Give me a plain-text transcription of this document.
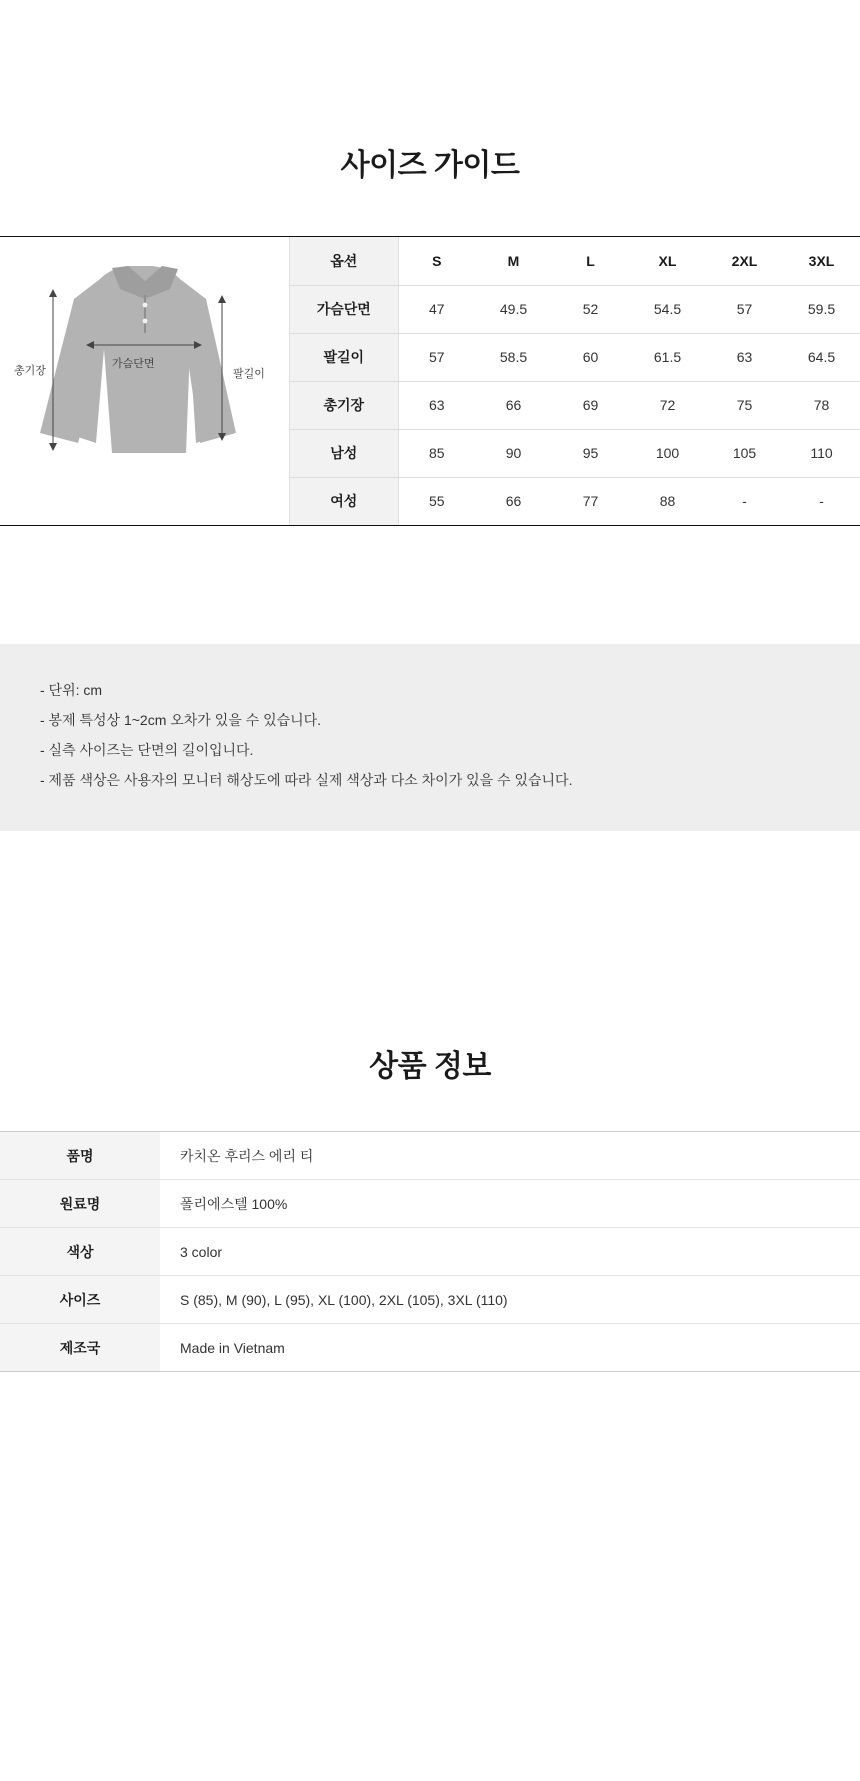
사이즈 가이드
총기장
가슴단면
팔길이
옵션	S	M	L	XL	2XL	3XL
가슴단면	47	49.5	52	54.5	57	59.5
팔길이	57	58.5	60	61.5	63	64.5
총기장	63	66	69	72	75	78
남성	85	90	95	100	105	110
여성	55	66	77	88	-	-

- 단위: cm

- 봉제 특성상 1~2cm 오차가 있을 수 있습니다.

- 실측 사이즈는 단면의 길이입니다.

- 제품 색상은 사용자의 모니터 해상도에 따라 실제 색상과 다소 차이가 있을 수 있습니다.

상품 정보
품명	카치온 후리스 에리 티
원료명	폴리에스텔 100%
색상	3 color
사이즈	S (85), M (90), L (95), XL (100), 2XL (105), 3XL (110)
제조국	Made in Vietnam
